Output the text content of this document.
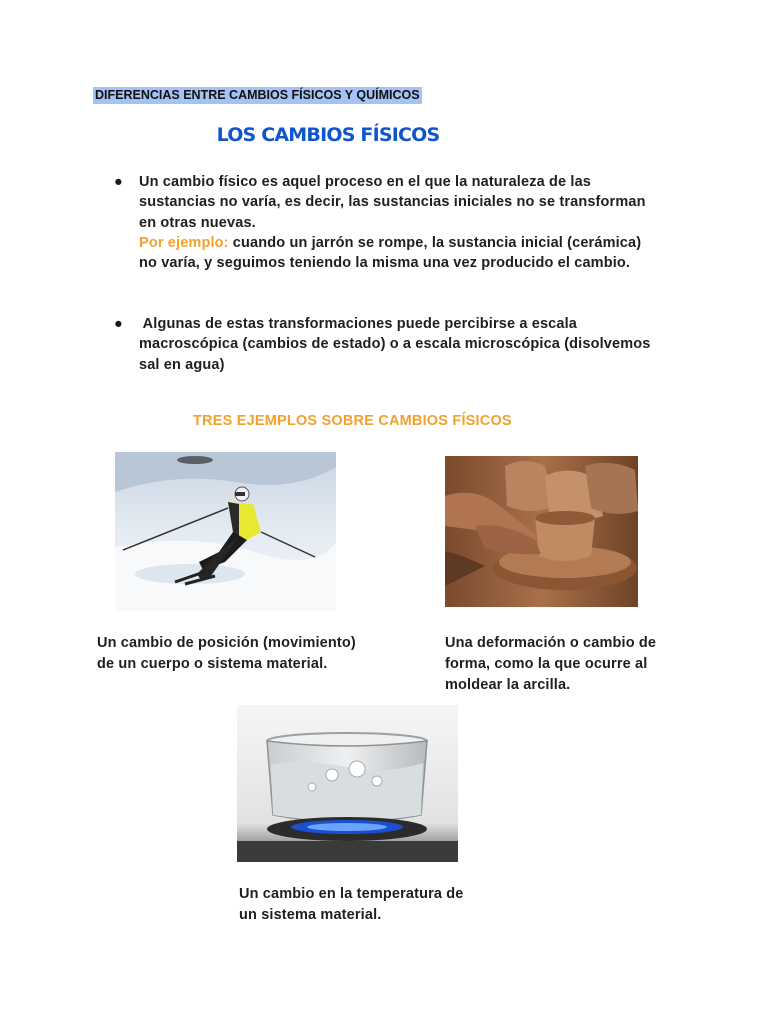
DIFERENCIAS ENTRE CAMBIOS FÍSICOS Y QUÍMICOS
LOS CAMBIOS FÍSICOS
● Un cambio físico es aquel proceso en el que la naturaleza de las
sustancias no varía, es decir, las sustancias iniciales no se transforman
en otras nuevas.
Por ejemplo: cuando un jarrón se rompe, la sustancia inicial (cerámica)
no varía, y seguimos teniendo la misma una vez producido el cambio.
● Algunas de estas transformaciones puede percibirse a escala
macroscópica (cambios de estado) o a escala microscópica (disolvemos
sal en agua)
TRES EJEMPLOS SOBRE CAMBIOS FÍSICOS
Un cambio de posición (movimiento)
de un cuerpo o sistema material.
Una deformación o cambio de
forma, como la que ocurre al
moldear la arcilla.
Un cambio en la temperatura de
un sistema material.
